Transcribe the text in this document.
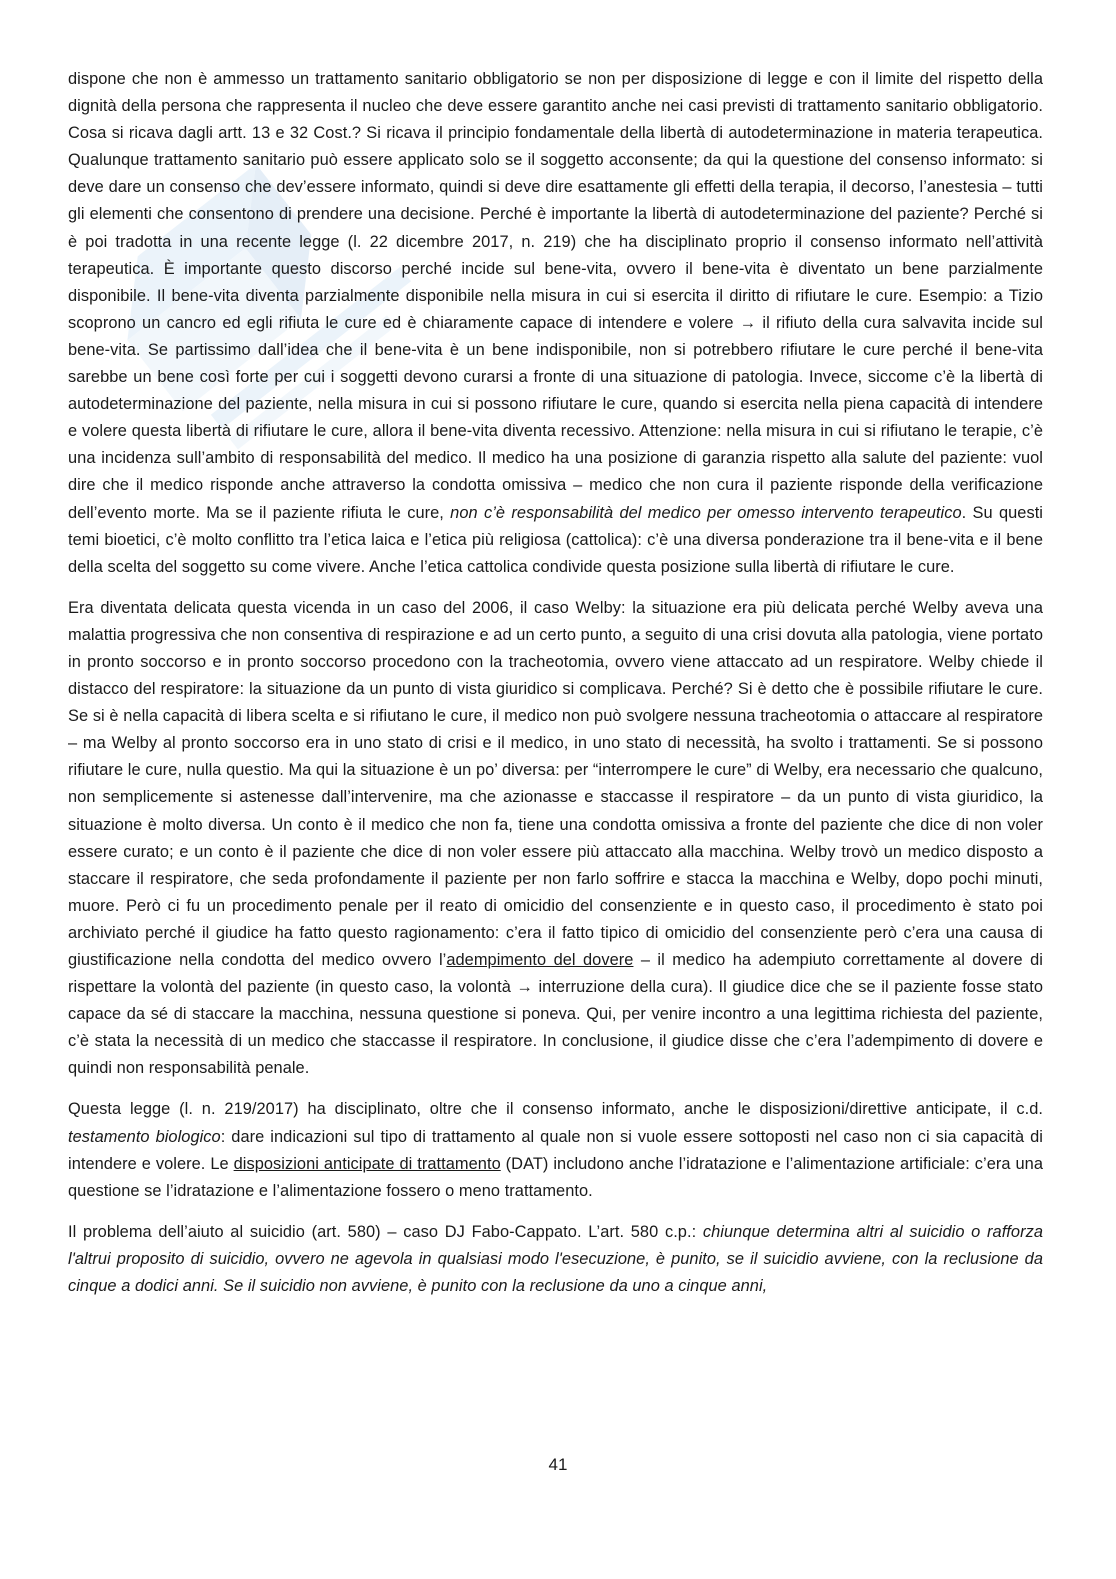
dispone che non è ammesso un trattamento sanitario obbligatorio se non per disposizione di legge e con il limite del rispetto della dignità della persona che rappresenta il nucleo che deve essere garantito anche nei casi previsti di trattamento sanitario obbligatorio. Cosa si ricava dagli artt. 13 e 32 Cost.? Si ricava il principio fondamentale della libertà di autodeterminazione in materia terapeutica. Qualunque trattamento sanitario può essere applicato solo se il soggetto acconsente; da qui la questione del consenso informato: si deve dare un consenso che dev’essere informato, quindi si deve dire esattamente gli effetti della terapia, il decorso, l’anestesia – tutti gli elementi che consentono di prendere una decisione. Perché è importante la libertà di autodeterminazione del paziente? Perché si è poi tradotta in una recente legge (l. 22 dicembre 2017, n. 219) che ha disciplinato proprio il consenso informato nell’attività terapeutica. È importante questo discorso perché incide sul bene-vita, ovvero il bene-vita è diventato un bene parzialmente disponibile. Il bene-vita diventa parzialmente disponibile nella misura in cui si esercita il diritto di rifiutare le cure. Esempio: a Tizio scoprono un cancro ed egli rifiuta le cure ed è chiaramente capace di intendere e volere → il rifiuto della cura salvavita incide sul bene-vita. Se partissimo dall’idea che il bene-vita è un bene indisponibile, non si potrebbero rifiutare le cure perché il bene-vita sarebbe un bene così forte per cui i soggetti devono curarsi a fronte di una situazione di patologia. Invece, siccome c’è la libertà di autodeterminazione del paziente, nella misura in cui si possono rifiutare le cure, quando si esercita nella piena capacità di intendere e volere questa libertà di rifiutare le cure, allora il bene-vita diventa recessivo. Attenzione: nella misura in cui si rifiutano le terapie, c’è una incidenza sull’ambito di responsabilità del medico. Il medico ha una posizione di garanzia rispetto alla salute del paziente: vuol dire che il medico risponde anche attraverso la condotta omissiva – medico che non cura il paziente risponde della verificazione dell’evento morte. Ma se il paziente rifiuta le cure, non c’è responsabilità del medico per omesso intervento terapeutico. Su questi temi bioetici, c’è molto conflitto tra l’etica laica e l’etica più religiosa (cattolica): c’è una diversa ponderazione tra il bene-vita e il bene della scelta del soggetto su come vivere. Anche l’etica cattolica condivide questa posizione sulla libertà di rifiutare le cure.

Era diventata delicata questa vicenda in un caso del 2006, il caso Welby: la situazione era più delicata perché Welby aveva una malattia progressiva che non consentiva di respirazione e ad un certo punto, a seguito di una crisi dovuta alla patologia, viene portato in pronto soccorso e in pronto soccorso procedono con la tracheotomia, ovvero viene attaccato ad un respiratore. Welby chiede il distacco del respiratore: la situazione da un punto di vista giuridico si complicava. Perché? Si è detto che è possibile rifiutare le cure. Se si è nella capacità di libera scelta e si rifiutano le cure, il medico non può svolgere nessuna tracheotomia o attaccare al respiratore – ma Welby al pronto soccorso era in uno stato di crisi e il medico, in uno stato di necessità, ha svolto i trattamenti. Se si possono rifiutare le cure, nulla questio. Ma qui la situazione è un po’ diversa: per “interrompere le cure” di Welby, era necessario che qualcuno, non semplicemente si astenesse dall’intervenire, ma che azionasse e staccasse il respiratore – da un punto di vista giuridico, la situazione è molto diversa. Un conto è il medico che non fa, tiene una condotta omissiva a fronte del paziente che dice di non voler essere curato; e un conto è il paziente che dice di non voler essere più attaccato alla macchina. Welby trovò un medico disposto a staccare il respiratore, che seda profondamente il paziente per non farlo soffrire e stacca la macchina e Welby, dopo pochi minuti, muore. Però ci fu un procedimento penale per il reato di omicidio del consenziente e in questo caso, il procedimento è stato poi archiviato perché il giudice ha fatto questo ragionamento: c’era il fatto tipico di omicidio del consenziente però c’era una causa di giustificazione nella condotta del medico ovvero l’adempimento del dovere – il medico ha adempiuto correttamente al dovere di rispettare la volontà del paziente (in questo caso, la volontà → interruzione della cura). Il giudice dice che se il paziente fosse stato capace da sé di staccare la macchina, nessuna questione si poneva. Qui, per venire incontro a una legittima richiesta del paziente, c’è stata la necessità di un medico che staccasse il respiratore. In conclusione, il giudice disse che c’era l’adempimento di dovere e quindi non responsabilità penale.

Questa legge (l. n. 219/2017) ha disciplinato, oltre che il consenso informato, anche le disposizioni/direttive anticipate, il c.d. testamento biologico: dare indicazioni sul tipo di trattamento al quale non si vuole essere sottoposti nel caso non ci sia capacità di intendere e volere. Le disposizioni anticipate di trattamento (DAT) includono anche l’idratazione e l’alimentazione artificiale: c’era una questione se l’idratazione e l’alimentazione fossero o meno trattamento.

Il problema dell’aiuto al suicidio (art. 580) – caso DJ Fabo-Cappato. L’art. 580 c.p.: chiunque determina altri al suicidio o rafforza l'altrui proposito di suicidio, ovvero ne agevola in qualsiasi modo l'esecuzione, è punito, se il suicidio avviene, con la reclusione da cinque a dodici anni. Se il suicidio non avviene, è punito con la reclusione da uno a cinque anni,

41
